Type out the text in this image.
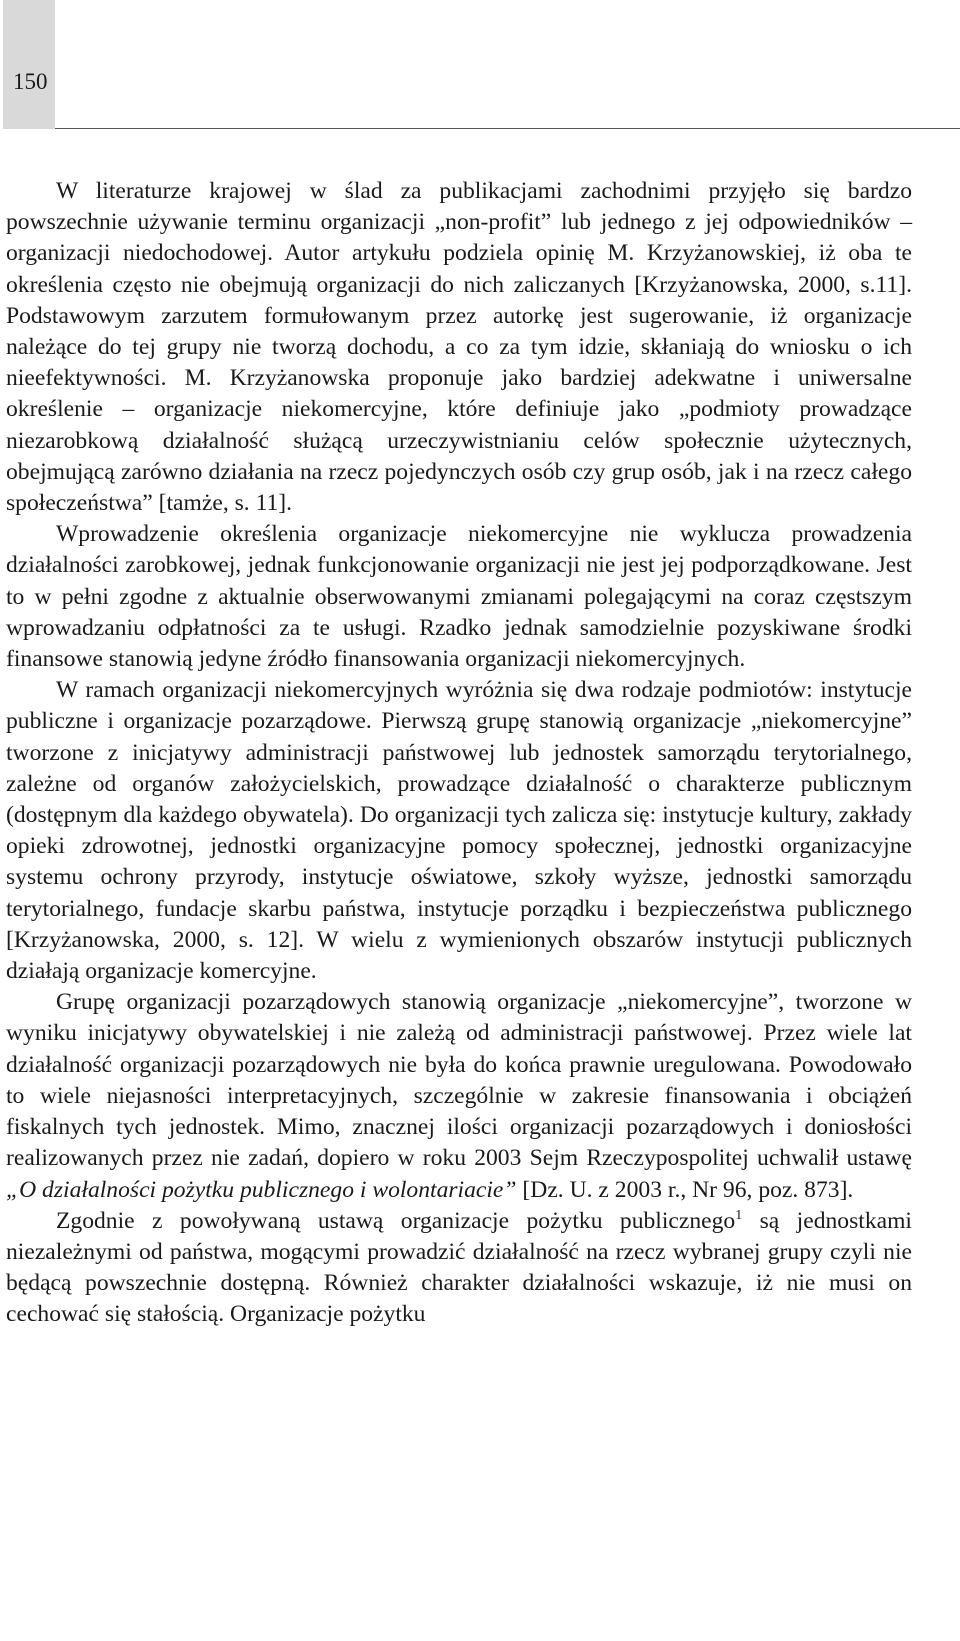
150

W literaturze krajowej w ślad za publikacjami zachodnimi przyjęło się bardzo powszechnie używanie terminu organizacji „non-profit” lub jednego z jej odpowiedników – organizacji niedochodowej. Autor artykułu podziela opinię M. Krzyżanowskiej, iż oba te określenia często nie obejmują organizacji do nich zaliczanych [Krzyżanowska, 2000, s.11]. Podstawowym zarzutem formułowanym przez autorkę jest sugerowanie, iż organizacje należące do tej grupy nie tworzą dochodu, a co za tym idzie, skłaniają do wniosku o ich nieefektywności. M. Krzyżanowska proponuje jako bardziej adekwatne i uniwersalne określenie – organizacje niekomercyjne, które definiuje jako „podmioty prowadzące niezarobkową działalność służącą urzeczywistnianiu celów społecznie użytecznych, obejmującą zarówno działania na rzecz pojedynczych osób czy grup osób, jak i na rzecz całego społeczeństwa” [tamże, s. 11].

Wprowadzenie określenia organizacje niekomercyjne nie wyklucza prowadzenia działalności zarobkowej, jednak funkcjonowanie organizacji nie jest jej podporządkowane. Jest to w pełni zgodne z aktualnie obserwowanymi zmianami polegającymi na coraz częstszym wprowadzaniu odpłatności za te usługi. Rzadko jednak samodzielnie pozyskiwane środki finansowe stanowią jedyne źródło finansowania organizacji niekomercyjnych.

W ramach organizacji niekomercyjnych wyróżnia się dwa rodzaje podmiotów: instytucje publiczne i organizacje pozarządowe. Pierwszą grupę stanowią organizacje „niekomercyjne” tworzone z inicjatywy administracji państwowej lub jednostek samorządu terytorialnego, zależne od organów założycielskich, prowadzące działalność o charakterze publicznym (dostępnym dla każdego obywatela). Do organizacji tych zalicza się: instytucje kultury, zakłady opieki zdrowotnej, jednostki organizacyjne pomocy społecznej, jednostki organizacyjne systemu ochrony przyrody, instytucje oświatowe, szkoły wyższe, jednostki samorządu terytorialnego, fundacje skarbu państwa, instytucje porządku i bezpieczeństwa publicznego [Krzyżanowska, 2000, s. 12]. W wielu z wymienionych obszarów instytucji publicznych działają organizacje komercyjne.

Grupę organizacji pozarządowych stanowią organizacje „niekomercyjne”, tworzone w wyniku inicjatywy obywatelskiej i nie zależą od administracji państwowej. Przez wiele lat działalność organizacji pozarządowych nie była do końca prawnie uregulowana. Powodowało to wiele niejasności interpretacyjnych, szczególnie w zakresie finansowania i obciążeń fiskalnych tych jednostek. Mimo, znacznej ilości organizacji pozarządowych i doniosłości realizowanych przez nie zadań, dopiero w roku 2003 Sejm Rzeczypospolitej uchwalił ustawę „O działalności pożytku publicznego i wolontariacie” [Dz. U. z 2003 r., Nr 96, poz. 873].

Zgodnie z powoływaną ustawą organizacje pożytku publicznego$^1$ są jednostkami niezależnymi od państwa, mogącymi prowadzić działalność na rzecz wybranej grupy czyli nie będącą powszechnie dostępną. Również charakter działalności wskazuje, iż nie musi on cechować się stałością. Organizacje pożytku
